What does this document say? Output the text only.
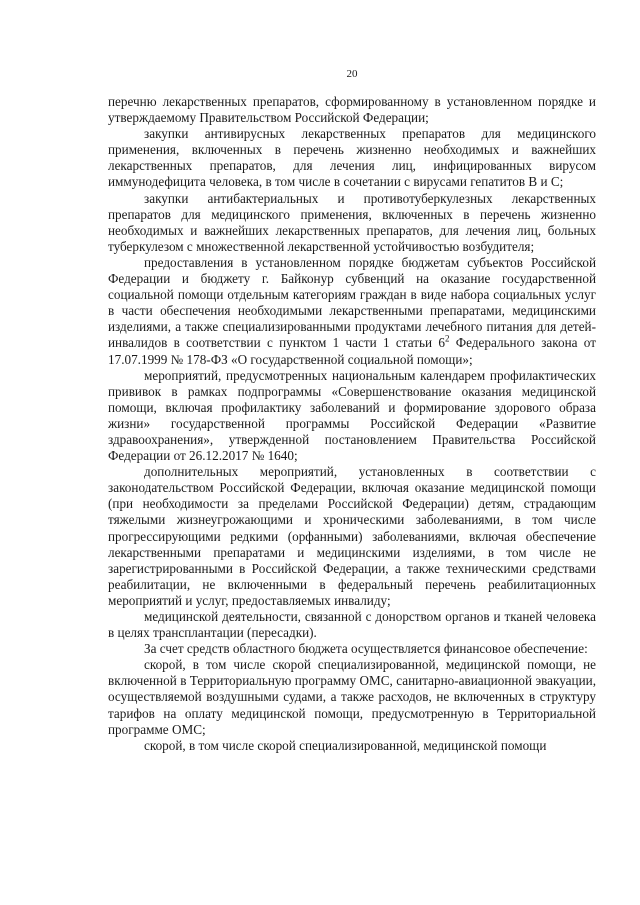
20

перечню лекарственных препаратов, сформированному в установленном порядке и утверждаемому Правительством Российской Федерации;

закупки антивирусных лекарственных препаратов для медицинского применения, включенных в перечень жизненно необходимых и важнейших лекарственных препаратов, для лечения лиц, инфицированных вирусом иммунодефицита человека, в том числе в сочетании с вирусами гепатитов B и C;

закупки антибактериальных и противотуберкулезных лекарственных препаратов для медицинского применения, включенных в перечень жизненно необходимых и важнейших лекарственных препаратов, для лечения лиц, больных туберкулезом с множественной лекарственной устойчивостью возбудителя;

предоставления в установленном порядке бюджетам субъектов Российской Федерации и бюджету г. Байконур субвенций на оказание государственной социальной помощи отдельным категориям граждан в виде набора социальных услуг в части обеспечения необходимыми лекарственными препаратами, медицинскими изделиями, а также специализированными продуктами лечебного питания для детей-инвалидов в соответствии с пунктом 1 части 1 статьи $6^2$ Федерального закона от 17.07.1999 № 178-ФЗ «О государственной социальной помощи»;

мероприятий, предусмотренных национальным календарем профилактических прививок в рамках подпрограммы «Совершенствование оказания медицинской помощи, включая профилактику заболеваний и формирование здорового образа жизни» государственной программы Российской Федерации «Развитие здравоохранения», утвержденной постановлением Правительства Российской Федерации от 26.12.2017 № 1640;

дополнительных мероприятий, установленных в соответствии с законодательством Российской Федерации, включая оказание медицинской помощи (при необходимости за пределами Российской Федерации) детям, страдающим тяжелыми жизнеугрожающими и хроническими заболеваниями, в том числе прогрессирующими редкими (орфанными) заболеваниями, включая обеспечение лекарственными препаратами и медицинскими изделиями, в том числе не зарегистрированными в Российской Федерации, а также техническими средствами реабилитации, не включенными в федеральный перечень реабилитационных мероприятий и услуг, предоставляемых инвалиду;

медицинской деятельности, связанной с донорством органов и тканей человека в целях трансплантации (пересадки).

За счет средств областного бюджета осуществляется финансовое обеспечение:

скорой, в том числе скорой специализированной, медицинской помощи, не включенной в Территориальную программу ОМС, санитарно-авиационной эвакуации, осуществляемой воздушными судами, а также расходов, не включенных в структуру тарифов на оплату медицинской помощи, предусмотренную в Территориальной программе ОМС;

скорой, в том числе скорой специализированной, медицинской помощи
